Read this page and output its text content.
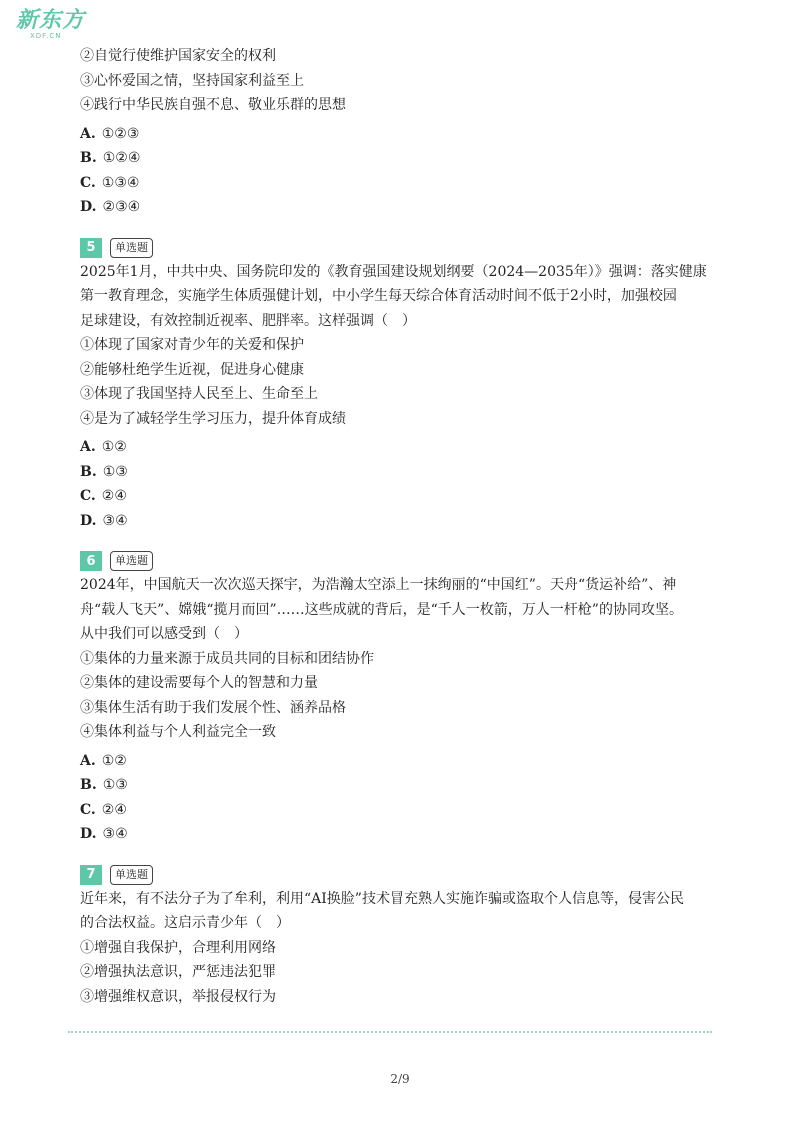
新东方
XDF.CN
②自觉行使维护国家安全的权利
③心怀爱国之情，坚持国家利益至上
④践行中华民族自强不息、敬业乐群的思想
A. ①②③
B. ①②④
C. ①③④
D. ②③④
5	单选题
2025年1月，中共中央、国务院印发的《教育强国建设规划纲要（2024—2035年）》强调：落实健康
第一教育理念，实施学生体质强健计划，中小学生每天综合体育活动时间不低于2小时，加强校园
足球建设，有效控制近视率、肥胖率。这样强调（　）
①体现了国家对青少年的关爱和保护
②能够杜绝学生近视，促进身心健康
③体现了我国坚持人民至上、生命至上
④是为了减轻学生学习压力，提升体育成绩
A. ①②
B. ①③
C. ②④
D. ③④
6	单选题
2024年，中国航天一次次巡天探宇，为浩瀚太空添上一抹绚丽的“中国红”。天舟“货运补给”、神
舟“载人飞天”、嫦娥“揽月而回”……这些成就的背后，是“千人一枚箭，万人一杆枪”的协同攻坚。
从中我们可以感受到（　）
①集体的力量来源于成员共同的目标和团结协作
②集体的建设需要每个人的智慧和力量
③集体生活有助于我们发展个性、涵养品格
④集体利益与个人利益完全一致
A. ①②
B. ①③
C. ②④
D. ③④
7	单选题
近年来，有不法分子为了牟利，利用“AI换脸”技术冒充熟人实施诈骗或盗取个人信息等，侵害公民
的合法权益。这启示青少年（　）
①增强自我保护，合理利用网络
②增强执法意识，严惩违法犯罪
③增强维权意识，举报侵权行为
2/9
